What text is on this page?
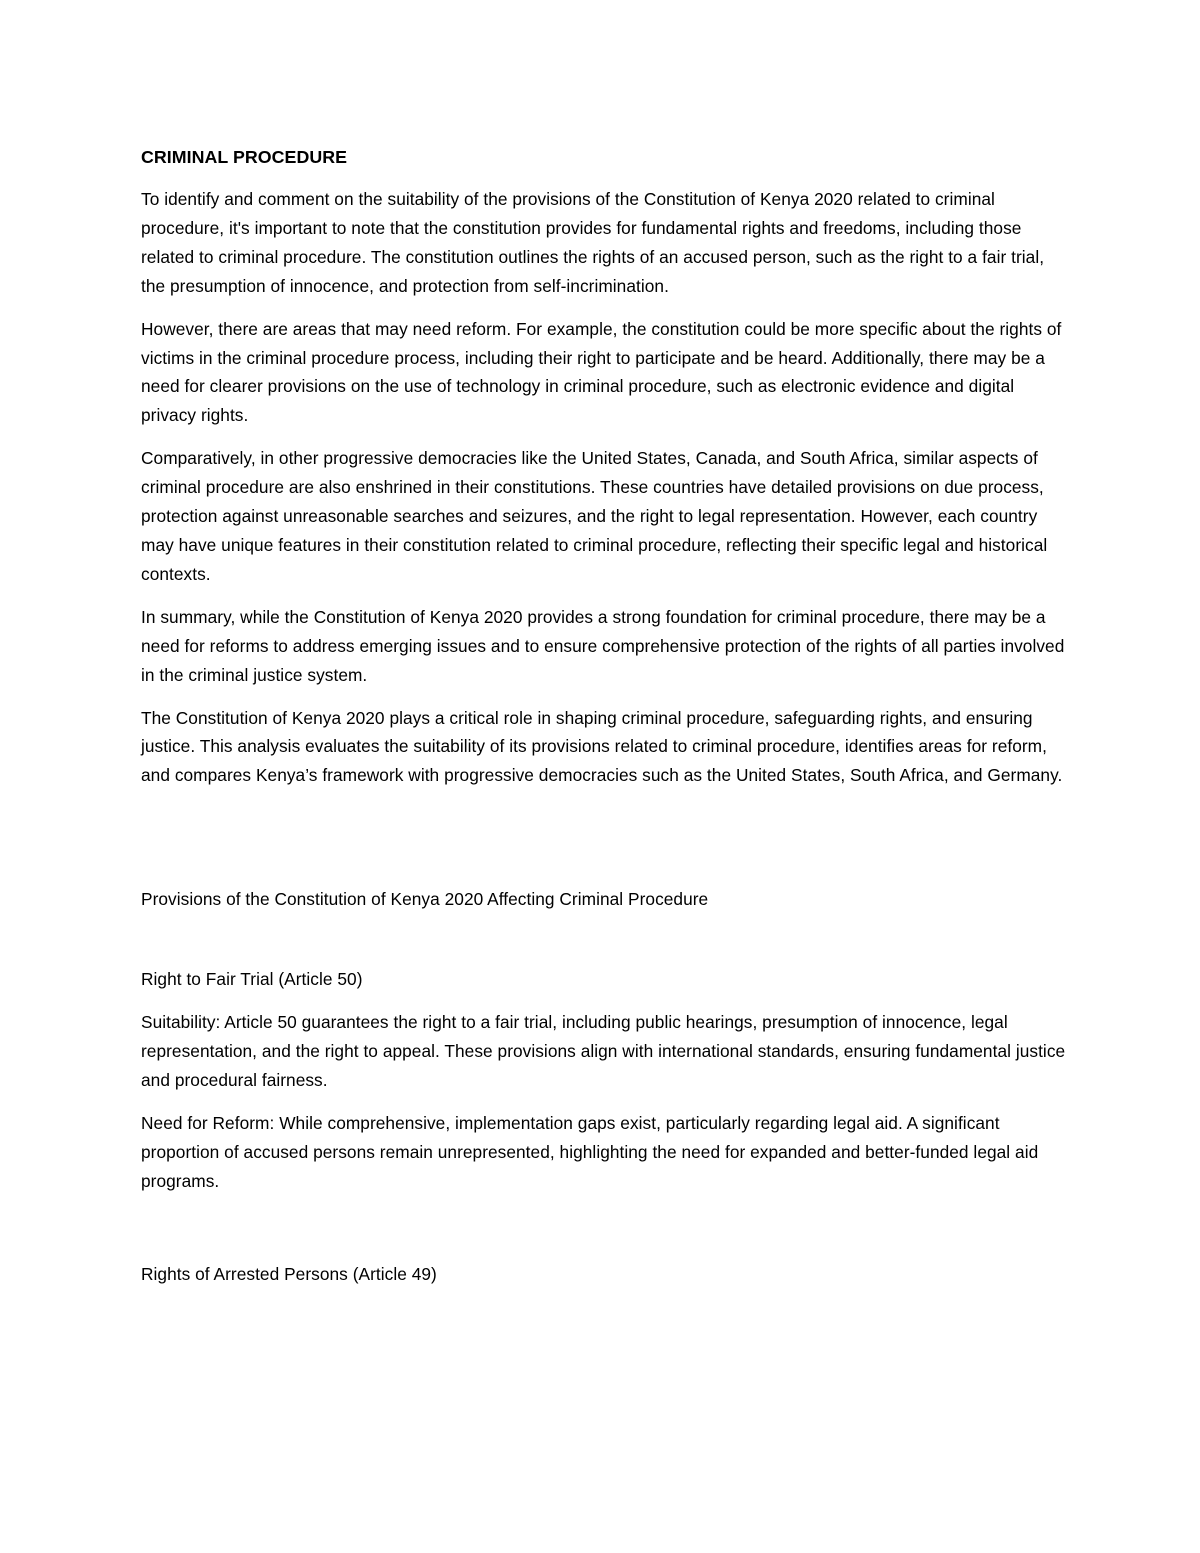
CRIMINAL PROCEDURE

To identify and comment on the suitability of the provisions of the Constitution of Kenya 2020 related to criminal procedure, it's important to note that the constitution provides for fundamental rights and freedoms, including those related to criminal procedure. The constitution outlines the rights of an accused person, such as the right to a fair trial, the presumption of innocence, and protection from self-incrimination.

However, there are areas that may need reform. For example, the constitution could be more specific about the rights of victims in the criminal procedure process, including their right to participate and be heard. Additionally, there may be a need for clearer provisions on the use of technology in criminal procedure, such as electronic evidence and digital privacy rights.

Comparatively, in other progressive democracies like the United States, Canada, and South Africa, similar aspects of criminal procedure are also enshrined in their constitutions. These countries have detailed provisions on due process, protection against unreasonable searches and seizures, and the right to legal representation. However, each country may have unique features in their constitution related to criminal procedure, reflecting their specific legal and historical contexts.

In summary, while the Constitution of Kenya 2020 provides a strong foundation for criminal procedure, there may be a need for reforms to address emerging issues and to ensure comprehensive protection of the rights of all parties involved in the criminal justice system.

The Constitution of Kenya 2020 plays a critical role in shaping criminal procedure, safeguarding rights, and ensuring justice. This analysis evaluates the suitability of its provisions related to criminal procedure, identifies areas for reform, and compares Kenya’s framework with progressive democracies such as the United States, South Africa, and Germany.

Provisions of the Constitution of Kenya 2020 Affecting Criminal Procedure

Right to Fair Trial (Article 50)

Suitability: Article 50 guarantees the right to a fair trial, including public hearings, presumption of innocence, legal representation, and the right to appeal. These provisions align with international standards, ensuring fundamental justice and procedural fairness.

Need for Reform: While comprehensive, implementation gaps exist, particularly regarding legal aid. A significant proportion of accused persons remain unrepresented, highlighting the need for expanded and better-funded legal aid programs.

Rights of Arrested Persons (Article 49)
